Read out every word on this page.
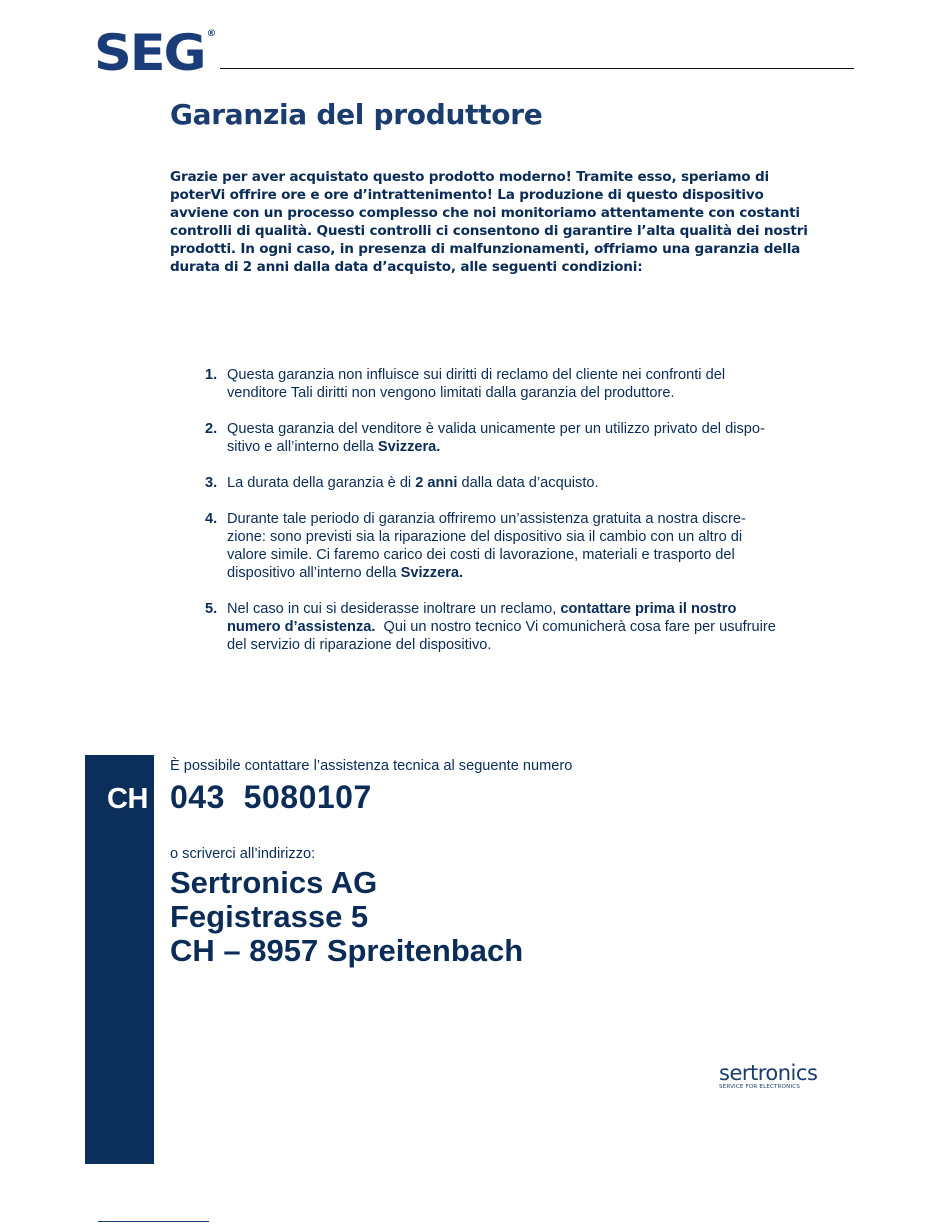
SEG ®
Garanzia del produttore
Grazie per aver acquistato questo prodotto moderno! Tramite esso, speriamo di poterVi offrire ore e ore d’intrattenimento! La produzione di questo dispositivo avviene con un processo complesso che noi monitoriamo attentamente con costanti controlli di qualità. Questi controlli ci consentono di garantire l’alta qualità dei nostri prodotti. In ogni caso, in presenza di malfunzionamenti, offriamo una garanzia della durata di 2 anni dalla data d’acquisto, alle seguenti condizioni:
1. Questa garanzia non influisce sui diritti di reclamo del cliente nei confronti del
venditore Tali diritti non vengono limitati dalla garanzia del produttore.
2. Questa garanzia del venditore è valida unicamente per un utilizzo privato del dispo-
sitivo e all’interno della Svizzera.
3. La durata della garanzia è di 2 anni dalla data d’acquisto.
4. Durante tale periodo di garanzia offriremo un’assistenza gratuita a nostra discre-
zione: sono previsti sia la riparazione del dispositivo sia il cambio con un altro di
valore simile. Ci faremo carico dei costi di lavorazione, materiali e trasporto del
dispositivo all’interno della Svizzera.
5. Nel caso in cui si desiderasse inoltrare un reclamo, contattare prima il nostro
numero d’assistenza.  Qui un nostro tecnico Vi comunicherà cosa fare per usufruire
del servizio di riparazione del dispositivo.
CH
È possibile contattare l’assistenza tecnica al seguente numero
043  5080107
o scriverci all’indirizzo:
Sertronics AG
Fegistrasse 5
CH – 8957 Spreitenbach
sertronics
SERVICE FOR ELECTRONICS
